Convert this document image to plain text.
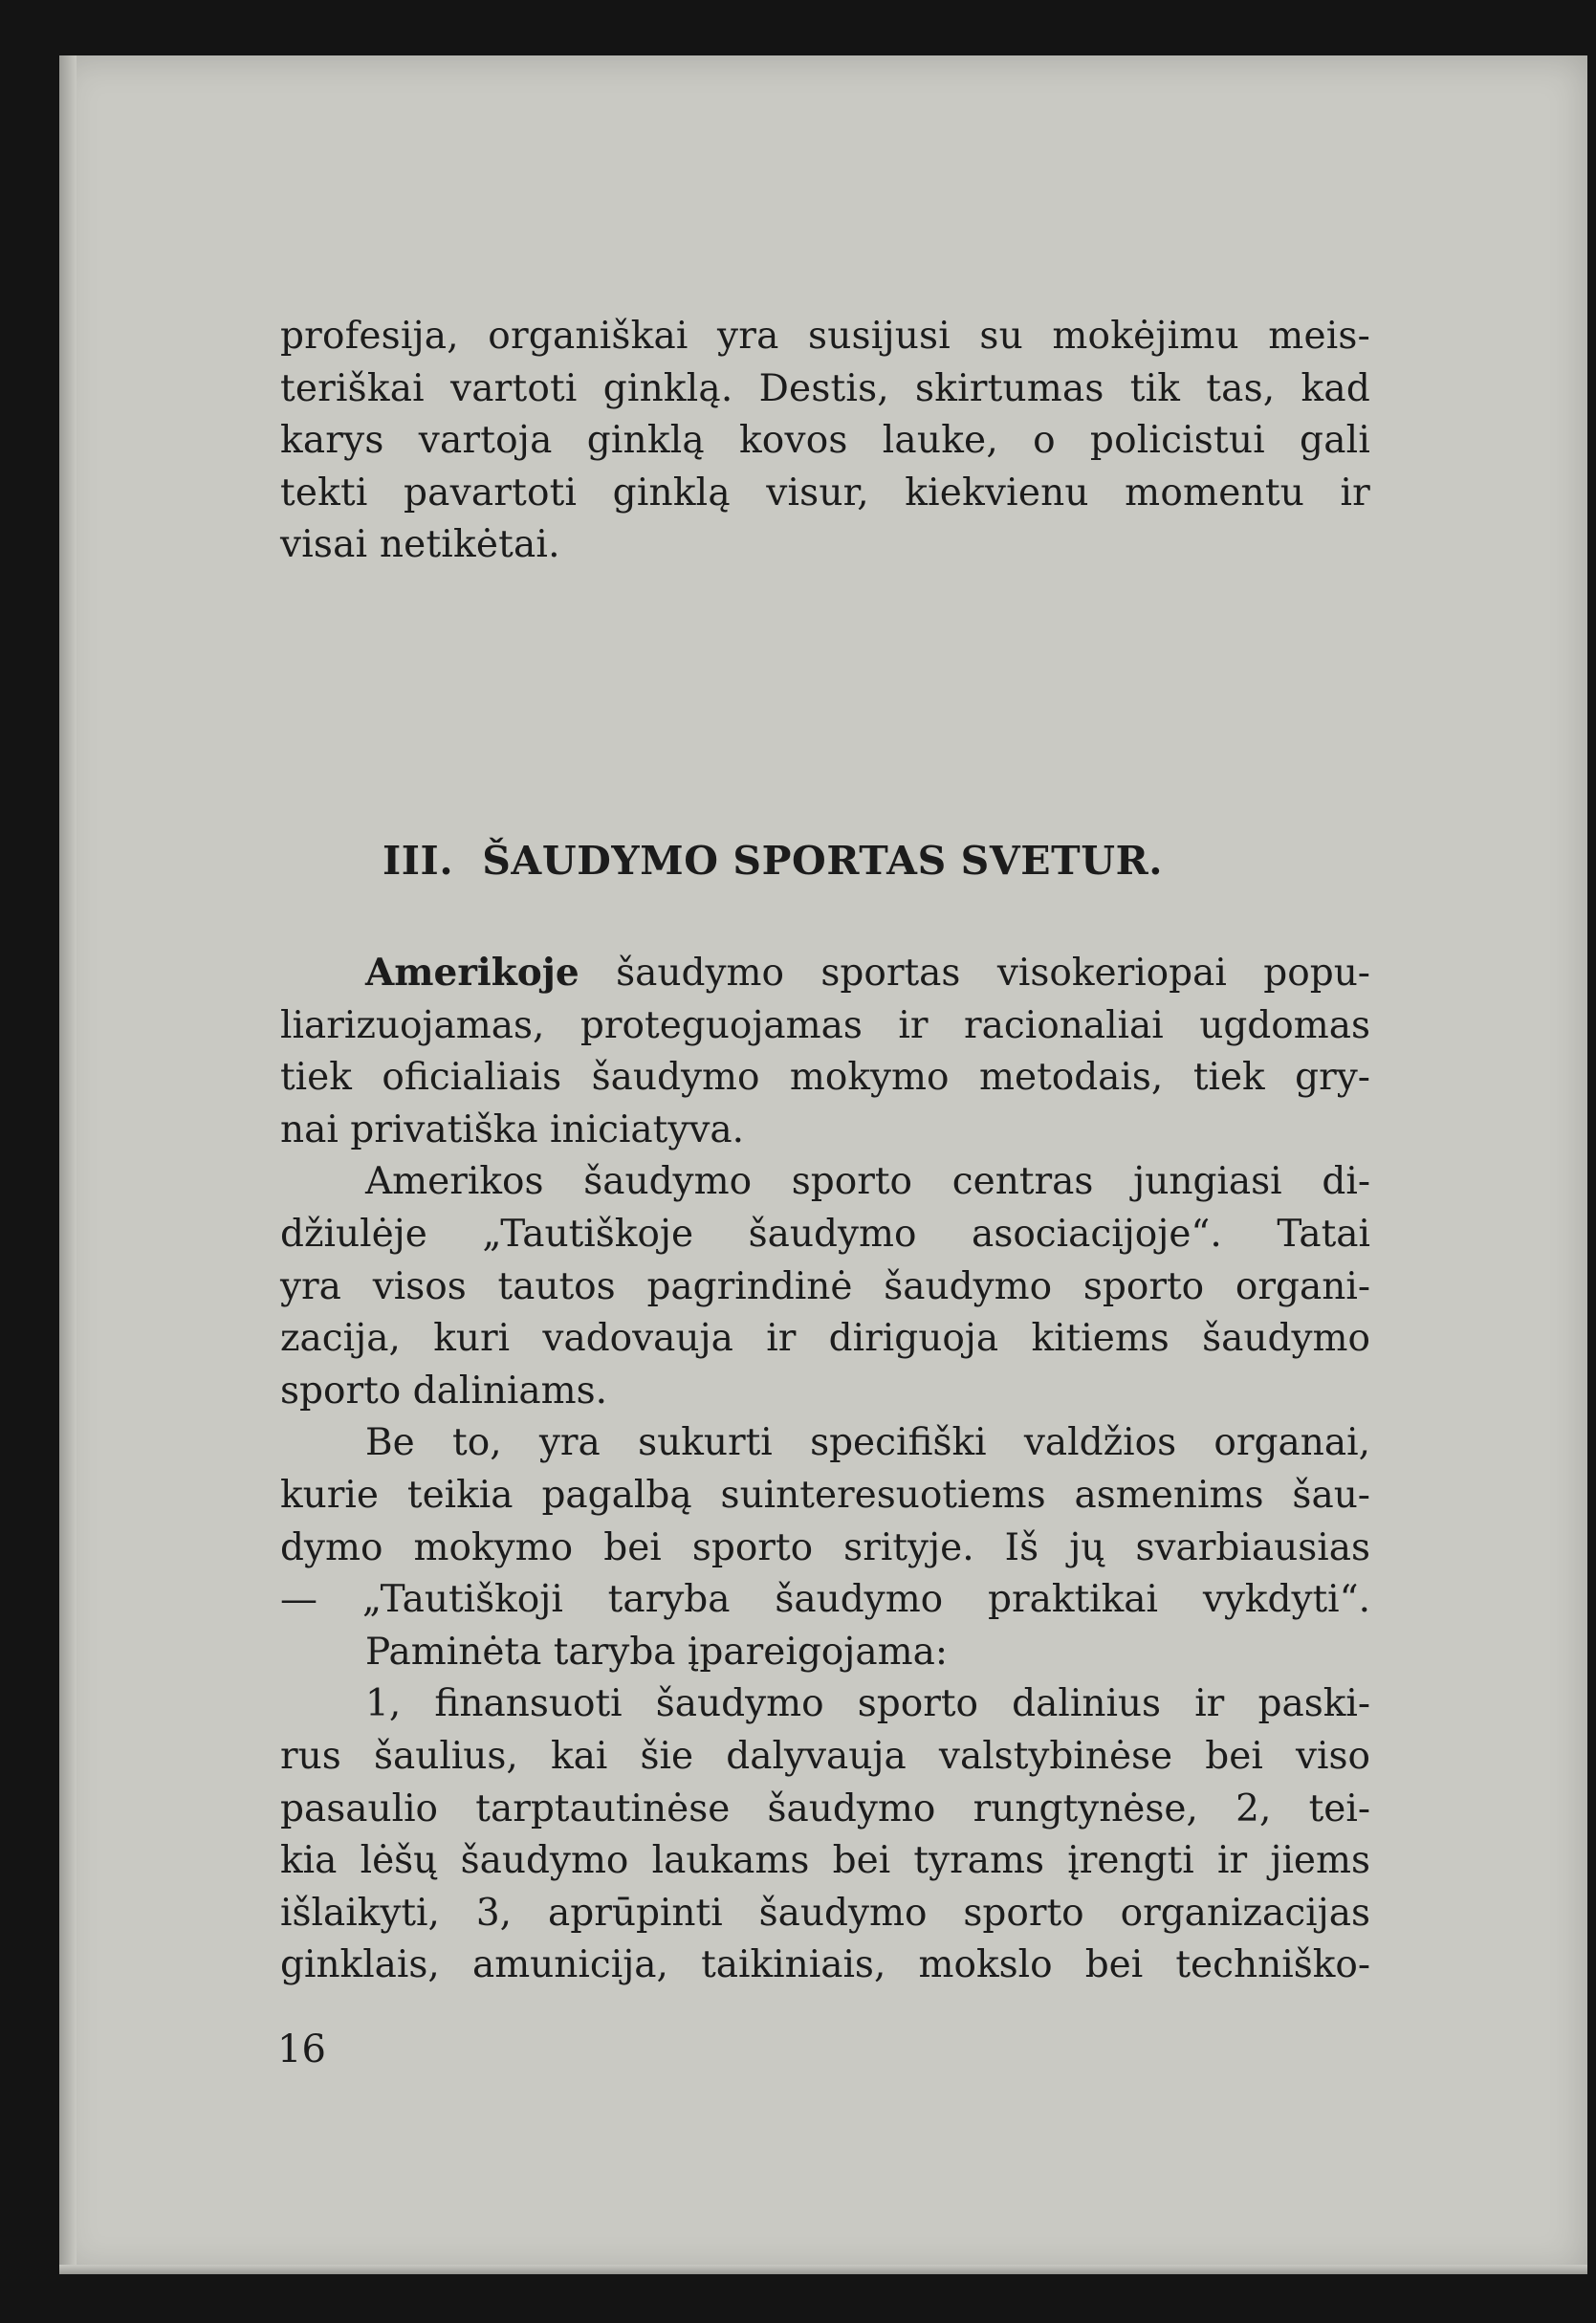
profesija, organiškai yra susijusi su mokėjimu meis-
teriškai vartoti ginklą. Destis, skirtumas tik tas, kad
karys vartoja ginklą kovos lauke, o policistui gali
tekti pavartoti ginklą visur, kiekvienu momentu ir
visai netikėtai.
III. ŠAUDYMO SPORTAS SVETUR.
Amerikoje šaudymo sportas visokeriopai popu-
liarizuojamas, proteguojamas ir racionaliai ugdomas
tiek oficialiais šaudymo mokymo metodais, tiek gry-
nai privatiška iniciatyva.
Amerikos šaudymo sporto centras jungiasi di-
džiulėje „Tautiškoje šaudymo asociacijoje“. Tatai
yra visos tautos pagrindinė šaudymo sporto organi-
zacija, kuri vadovauja ir diriguoja kitiems šaudymo
sporto daliniams.
Be to, yra sukurti specifiški valdžios organai,
kurie teikia pagalbą suinteresuotiems asmenims šau-
dymo mokymo bei sporto srityje. Iš jų svarbiausias
— „Tautiškoji taryba šaudymo praktikai vykdyti“.
Paminėta taryba įpareigojama:
1, finansuoti šaudymo sporto dalinius ir paski-
rus šaulius, kai šie dalyvauja valstybinėse bei viso
pasaulio tarptautinėse šaudymo rungtynėse, 2, tei-
kia lėšų šaudymo laukams bei tyrams įrengti ir jiems
išlaikyti, 3, aprūpinti šaudymo sporto organizacijas
ginklais, amunicija, taikiniais, mokslo bei techniško-
16
